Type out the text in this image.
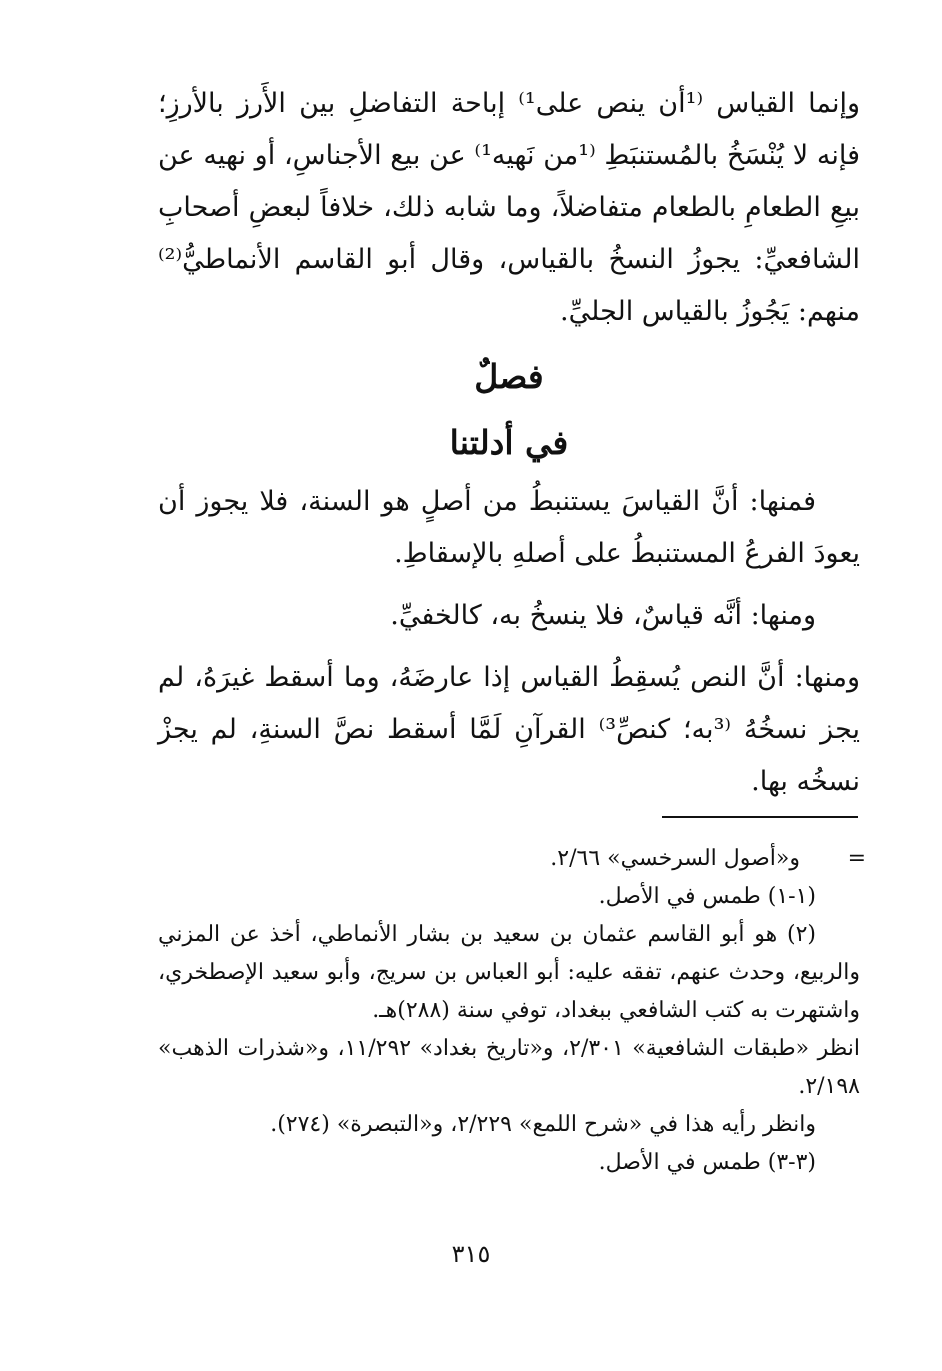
وإنما القياس ⁽¹أن ينص على¹⁾ إباحة التفاضلِ بين الأَرز بالأرزِ؛ فإنه لا يُنْسَخُ بالمُستنبَطِ ⁽¹من نَهيه¹⁾ عن بيع الأجناسِ، أو نهيه عن بيعِ الطعامِ بالطعام متفاضلاً، وما شابه ذلك، خلافاً لبعضِ أصحابِ الشافعيِّ: يجوزُ النسخُ بالقياس، وقال أبو القاسم الأنماطيُّ⁽²⁾ منهم: يَجُوزُ بالقياس الجليِّ.

فصلٌ
في أدلتنا

فمنها: أنَّ القياسَ يستنبطُ من أصلٍ هو السنة، فلا يجوز أن يعودَ الفرعُ المستنبطُ على أصلهِ بالإسقاطِ.

ومنها: أنَّه قياسٌ، فلا ينسخُ به، كالخفيِّ.

ومنها: أنَّ النص يُسقِطُ القياس إذا عارضَهُ، وما أسقط غيرَهُ، لم يجز نسخُهُ ⁽³به؛ كنصِّ³⁾ القرآنِ لَمَّا أسقط نصَّ السنةِ، لم يجزْ نسخُه بها.

=
و«أصول السرخسي» ٢/٦٦.

(١-١) طمس في الأصل.

(٢) هو أبو القاسم عثمان بن سعيد بن بشار الأنماطي، أخذ عن المزني والربيع، وحدث عنهم، تفقه عليه: أبو العباس بن سريج، وأبو سعيد الإصطخري، واشتهرت به كتب الشافعي ببغداد، توفي سنة (٢٨٨)هـ.

انظر «طبقات الشافعية» ٢/٣٠١، و«تاريخ بغداد» ١١/٢٩٢، و«شذرات الذهب» ٢/١٩٨.

وانظر رأيه هذا في «شرح اللمع» ٢/٢٢٩، و«التبصرة» (٢٧٤).

(٣-٣) طمس في الأصل.

٣١٥
